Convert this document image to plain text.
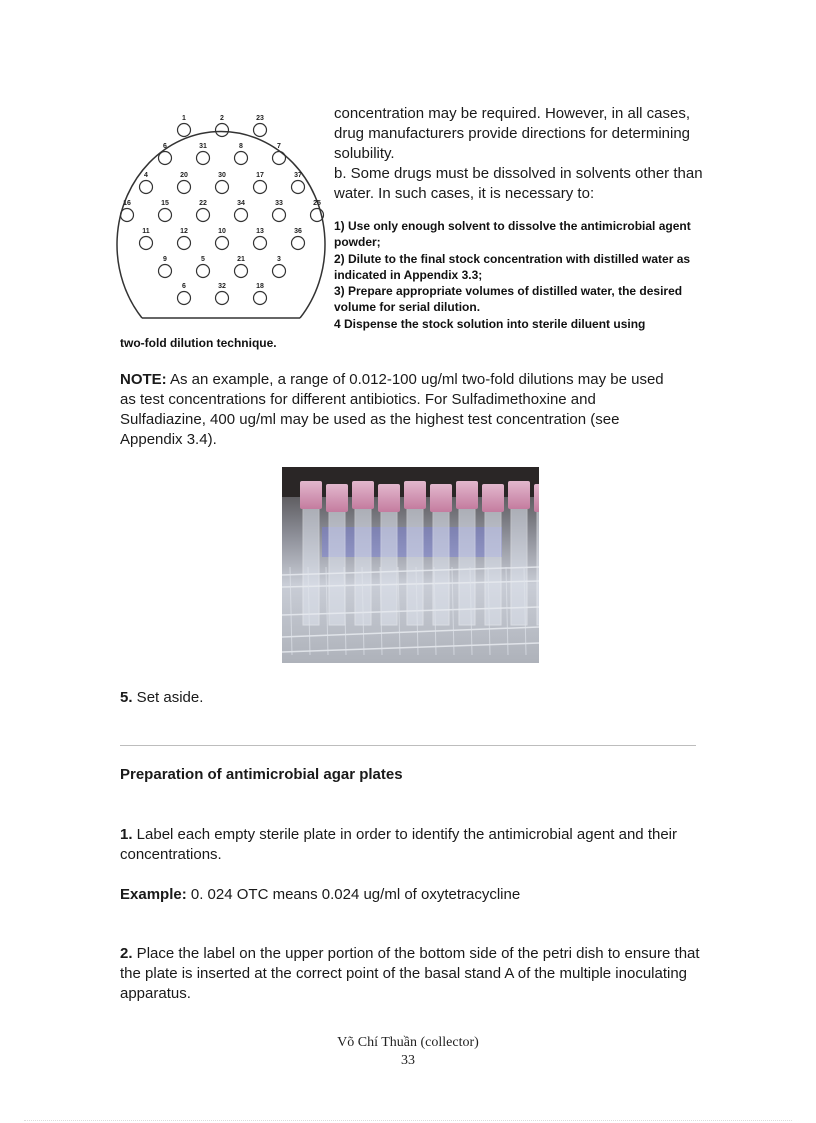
1	2	23
6	31	8	7
4	20	30	17	37
16	15	22	34	33	25
11	12	10	13	36
9	5	21	3
6	32	18

concentration may be required. However, in all cases, drug manufacturers provide directions for determining solubility.

b. Some drugs must be dissolved in solvents other than water. In such cases, it is necessary to:

1) Use only enough solvent to dissolve the antimicrobial agent powder;
2) Dilute to the final stock concentration with distilled water as indicated in Appendix 3.3;
3) Prepare appropriate volumes of distilled water, the desired volume for serial dilution.
4 Dispense the stock solution into sterile diluent using
two-fold dilution technique.

NOTE: As an example, a range of 0.012-100 ug/ml two-fold dilutions may be used as test concentrations for different antibiotics. For Sulfadimethoxine and Sulfadiazine, 400 ug/ml may be used as the highest test concentration (see Appendix 3.4).

5. Set aside.

Preparation of antimicrobial agar plates

1. Label each empty sterile plate in order to identify the antimicrobial agent and their concentrations.

Example: 0. 024 OTC means 0.024 ug/ml of oxytetracycline

2. Place the label on the upper portion of the bottom side of the petri dish to ensure that the plate is inserted at the correct point of the basal stand A of the multiple inoculating apparatus.

Võ Chí Thuần (collector)
33
